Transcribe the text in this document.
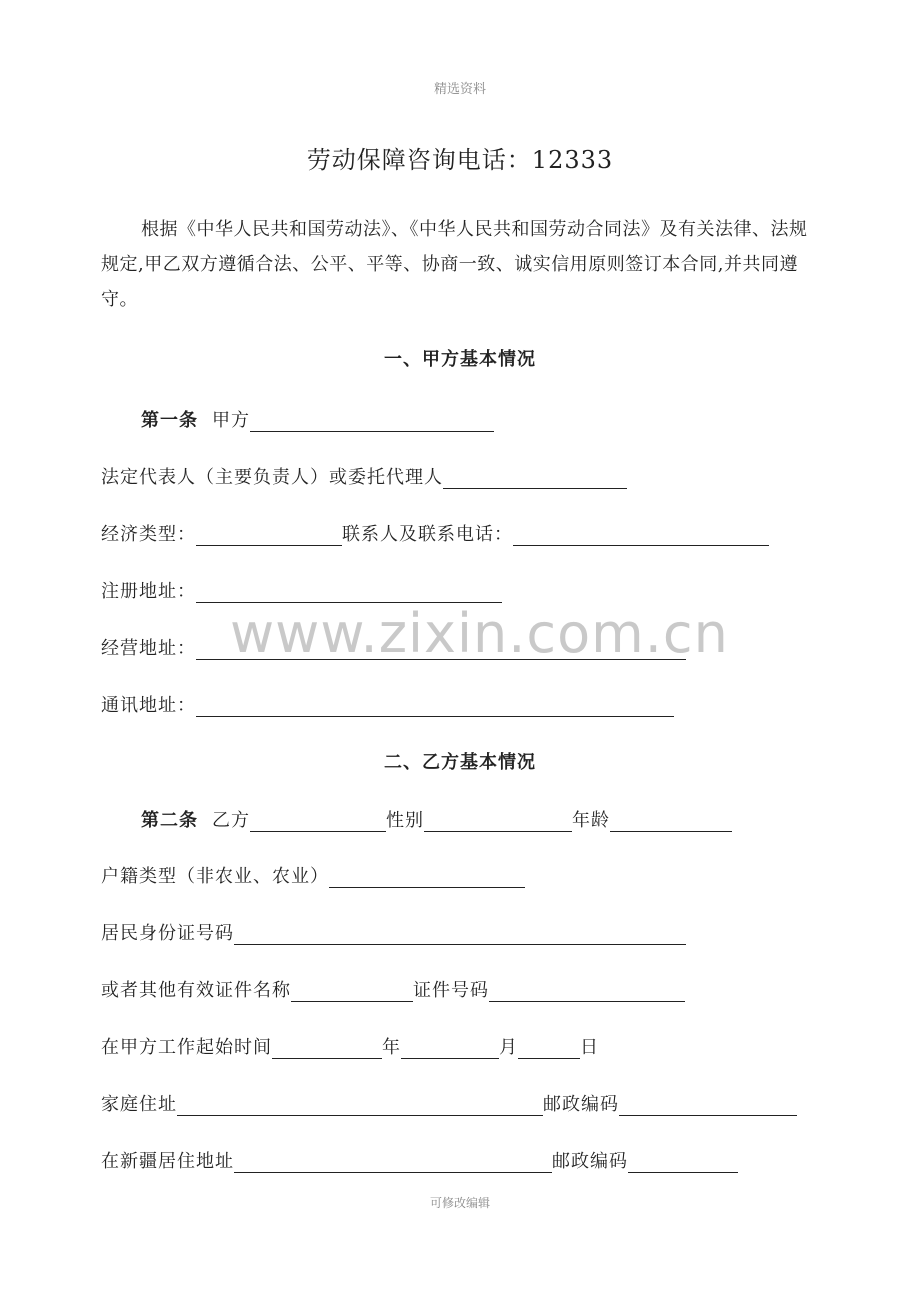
精选资料
劳动保障咨询电话：12333
根据《中华人民共和国劳动法》、《中华人民共和国劳动合同法》及有关法律、法规规定,甲乙双方遵循合法、公平、平等、协商一致、诚实信用原则签订本合同,并共同遵守。
一、甲方基本情况
第一条 甲方
法定代表人（主要负责人）或委托代理人
经济类型：	联系人及联系电话：
注册地址：
经营地址：
通讯地址：
二、乙方基本情况
第二条 乙方	性别	年龄
户籍类型（非农业、农业）
居民身份证号码
或者其他有效证件名称	证件号码
在甲方工作起始时间	年	月	日
家庭住址	邮政编码
在新疆居住地址	邮政编码
www.zixin.com.cn
可修改编辑
